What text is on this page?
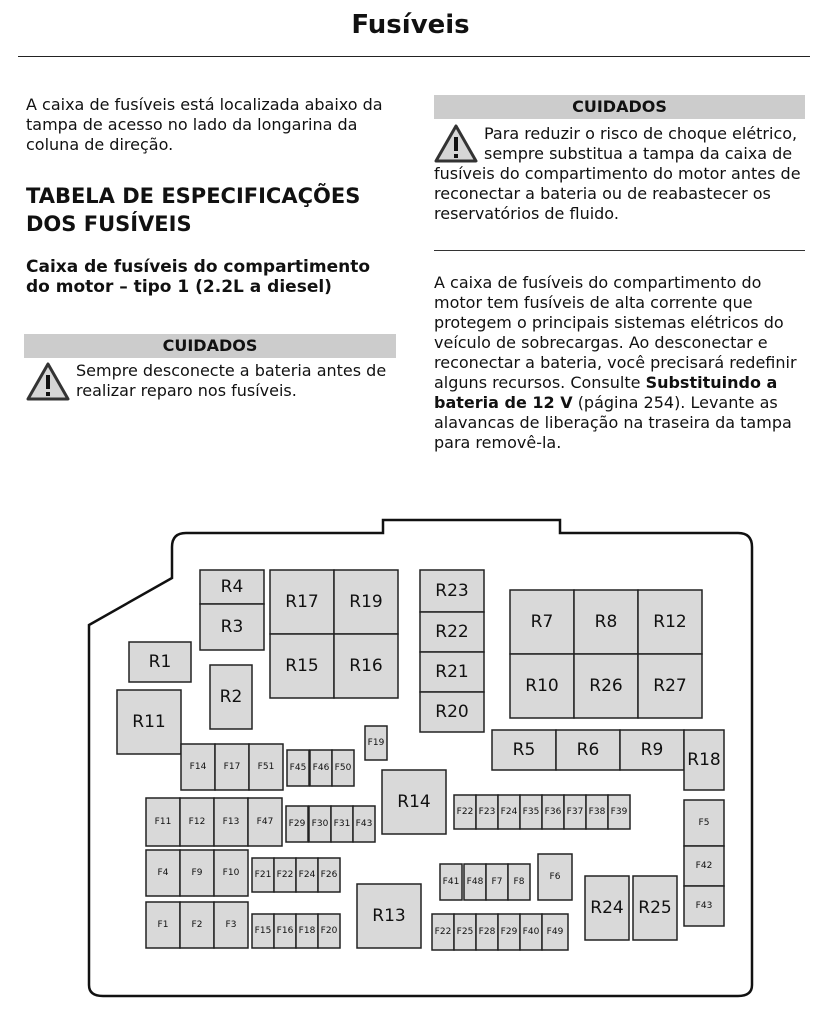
Fusíveis

A caixa de fusíveis está localizada abaixo da tampa de acesso no lado da longarina da coluna de direção.

TABELA DE ESPECIFICAÇÕES
DOS FUSÍVEIS

Caixa de fusíveis do compartimento do motor – tipo 1 (2.2L a diesel)

CUIDADOS

Sempre desconecte a bateria antes de realizar reparo nos fusíveis.

CUIDADOS

Para reduzir o risco de choque elétrico, sempre substitua a tampa da caixa de fusíveis do compartimento do motor antes de reconectar a bateria ou de reabastecer os reservatórios de fluido.

A caixa de fusíveis do compartimento do motor tem fusíveis de alta corrente que protegem o principais sistemas elétricos do veículo de sobrecargas. Ao desconectar e reconectar a bateria, você precisará redefinir alguns recursos. Consulte Substituindo a bateria de 12 V (página 254). Levante as alavancas de liberação na traseira da tampa para removê-la.

R4
R3
R1
R2
R11
R17 R19
R15 R16
R23
R22
R21
R20
R7 R8 R12
R10 R26 R27
R5 R6 R9 R18
R14
R13	R24 R25
F14 F17 F51 F45 F46 F50
F19
F11 F12 F13 F47 F29 F30 F31 F43
F22 F23 F24 F35 F36 F37 F38 F39
F4	F9 F10 F21 F22 F24 F26
F1	F2	F3
F15 F16 F18 F20
F41 F48 F7 F8	F6
F22 F25 F28 F29 F40 F49
F5
F42
F43
